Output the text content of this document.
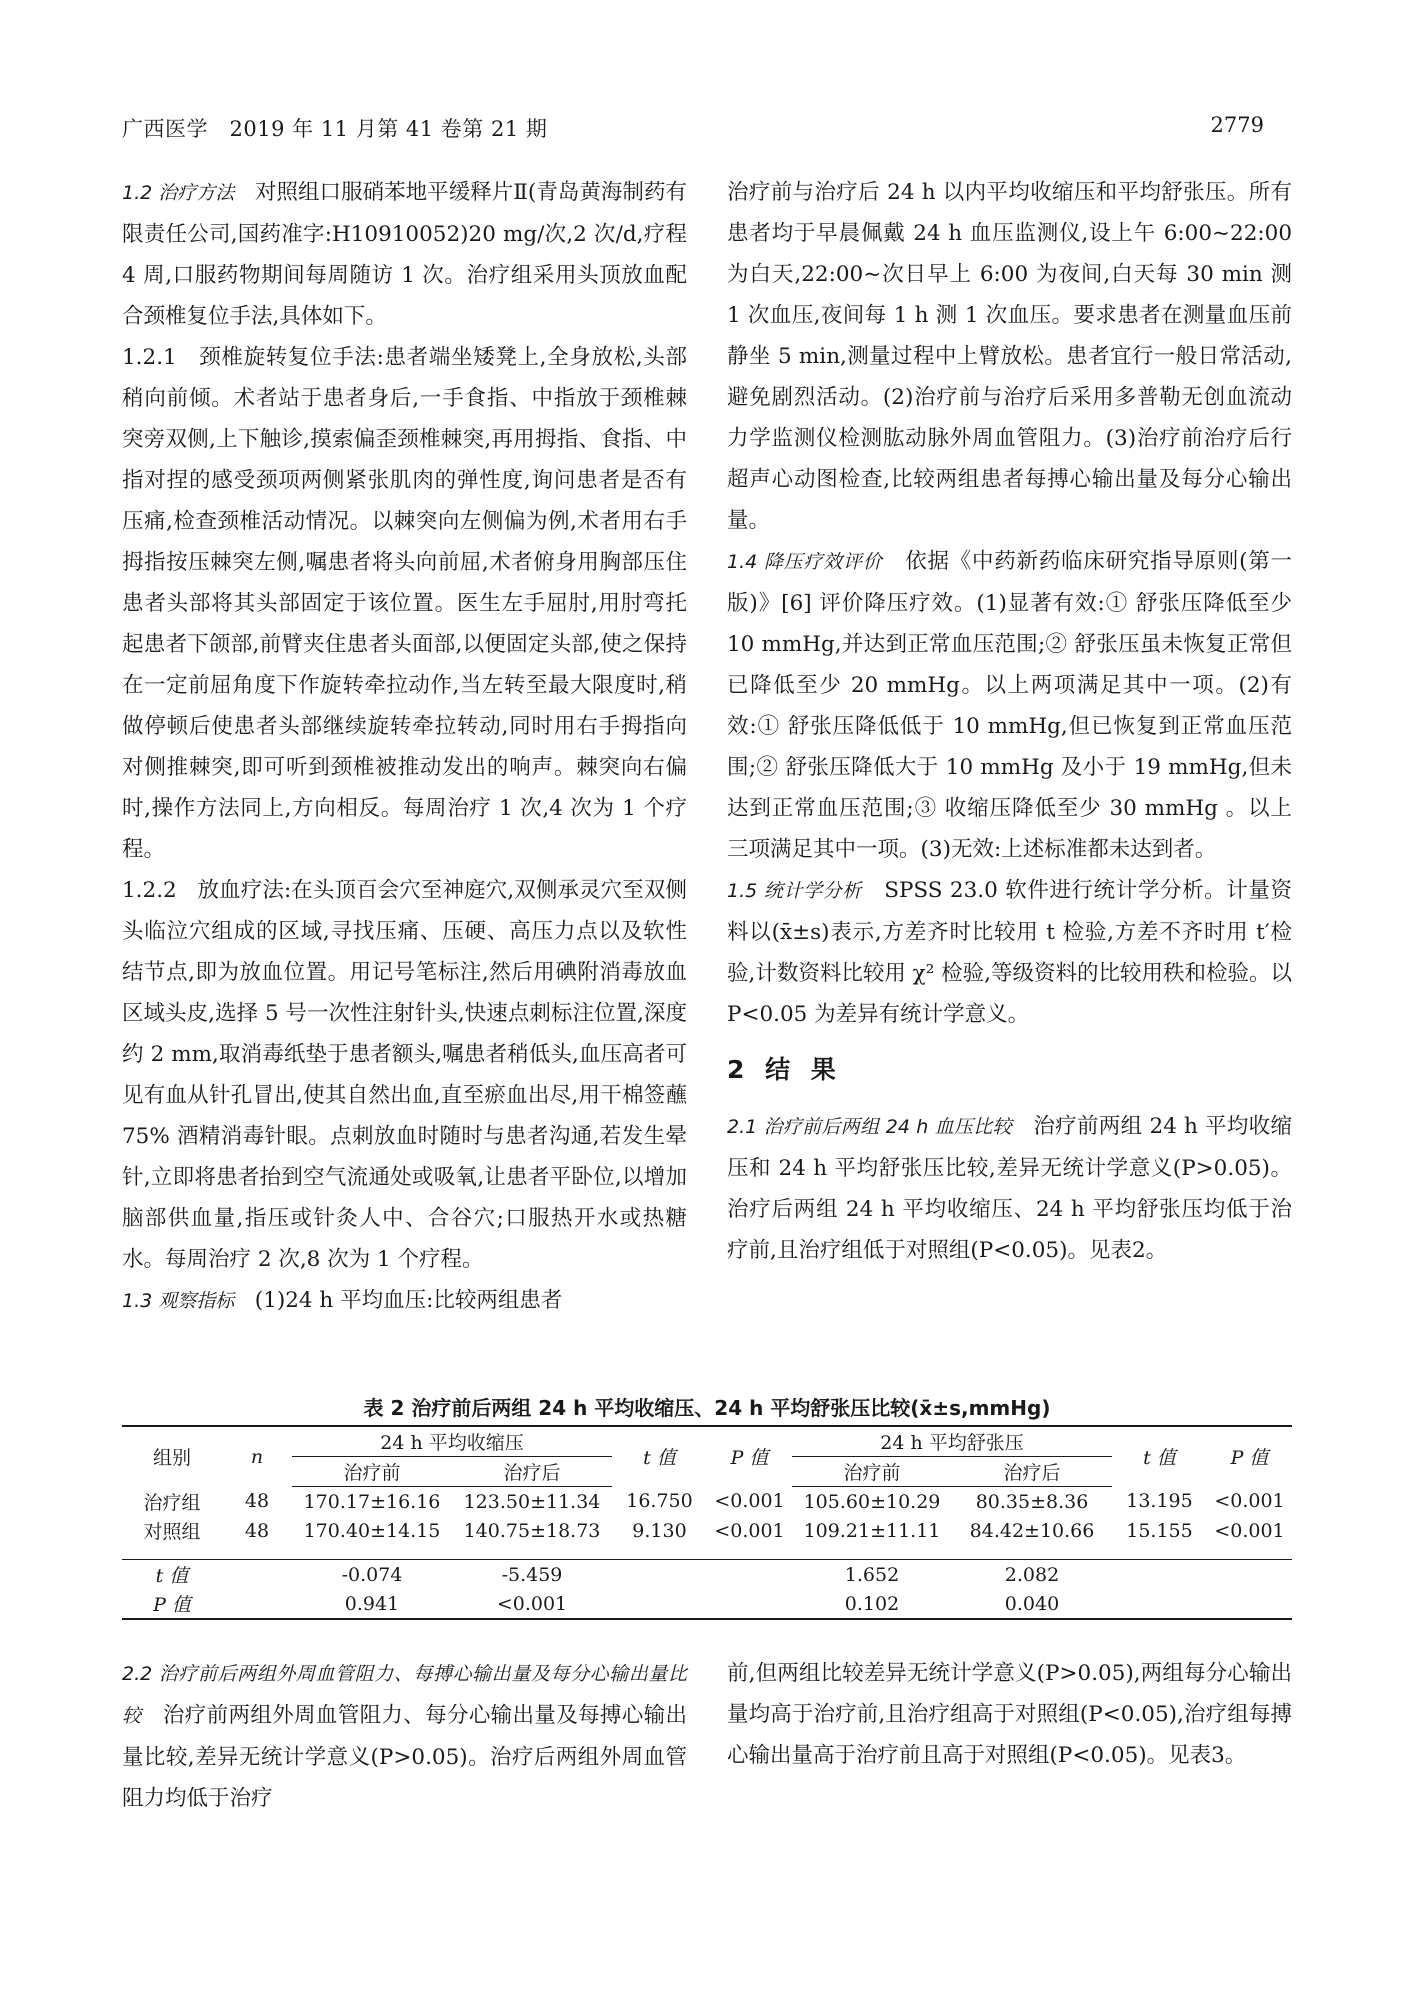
广西医学 2019 年 11 月第 41 卷第 21 期	2779

1.2 治疗方法 对照组口服硝苯地平缓释片Ⅱ(青岛黄海制药有限责任公司,国药准字:H10910052)20 mg/次,2 次/d,疗程 4 周,口服药物期间每周随访 1 次。治疗组采用头顶放血配合颈椎复位手法,具体如下。

1.2.1 颈椎旋转复位手法:患者端坐矮凳上,全身放松,头部稍向前倾。术者站于患者身后,一手食指、中指放于颈椎棘突旁双侧,上下触诊,摸索偏歪颈椎棘突,再用拇指、食指、中指对捏的感受颈项两侧紧张肌肉的弹性度,询问患者是否有压痛,检查颈椎活动情况。以棘突向左侧偏为例,术者用右手拇指按压棘突左侧,嘱患者将头向前屈,术者俯身用胸部压住患者头部将其头部固定于该位置。医生左手屈肘,用肘弯托起患者下颌部,前臂夹住患者头面部,以便固定头部,使之保持在一定前屈角度下作旋转牵拉动作,当左转至最大限度时,稍做停顿后使患者头部继续旋转牵拉转动,同时用右手拇指向对侧推棘突,即可听到颈椎被推动发出的响声。棘突向右偏时,操作方法同上,方向相反。每周治疗 1 次,4 次为 1 个疗程。

1.2.2 放血疗法:在头顶百会穴至神庭穴,双侧承灵穴至双侧头临泣穴组成的区域,寻找压痛、压硬、高压力点以及软性结节点,即为放血位置。用记号笔标注,然后用碘附消毒放血区域头皮,选择 5 号一次性注射针头,快速点刺标注位置,深度约 2 mm,取消毒纸垫于患者额头,嘱患者稍低头,血压高者可见有血从针孔冒出,使其自然出血,直至瘀血出尽,用干棉签蘸 75% 酒精消毒针眼。点刺放血时随时与患者沟通,若发生晕针,立即将患者抬到空气流通处或吸氧,让患者平卧位,以增加脑部供血量,指压或针灸人中、合谷穴;口服热开水或热糖水。每周治疗 2 次,8 次为 1 个疗程。

1.3 观察指标 (1)24 h 平均血压:比较两组患者

治疗前与治疗后 24 h 以内平均收缩压和平均舒张压。所有患者均于早晨佩戴 24 h 血压监测仪,设上午 6:00~22:00 为白天,22:00~次日早上 6:00 为夜间,白天每 30 min 测 1 次血压,夜间每 1 h 测 1 次血压。要求患者在测量血压前静坐 5 min,测量过程中上臂放松。患者宜行一般日常活动,避免剧烈活动。(2)治疗前与治疗后采用多普勒无创血流动力学监测仪检测肱动脉外周血管阻力。(3)治疗前治疗后行超声心动图检查,比较两组患者每搏心输出量及每分心输出量。

1.4 降压疗效评价 依据《中药新药临床研究指导原则(第一版)》[6] 评价降压疗效。(1)显著有效:① 舒张压降低至少 10 mmHg,并达到正常血压范围;② 舒张压虽未恢复正常但已降低至少 20 mmHg。以上两项满足其中一项。(2)有效:① 舒张压降低低于 10 mmHg,但已恢复到正常血压范围;② 舒张压降低大于 10 mmHg 及小于 19 mmHg,但未达到正常血压范围;③ 收缩压降低至少 30 mmHg 。以上三项满足其中一项。(3)无效:上述标准都未达到者。

1.5 统计学分析 SPSS 23.0 软件进行统计学分析。计量资料以(x̄±s)表示,方差齐时比较用 t 检验,方差不齐时用 t′检验,计数资料比较用 χ² 检验,等级资料的比较用秩和检验。以 P<0.05 为差异有统计学意义。

2 结 果

2.1 治疗前后两组 24 h 血压比较 治疗前两组 24 h 平均收缩压和 24 h 平均舒张压比较,差异无统计学意义(P>0.05)。治疗后两组 24 h 平均收缩压、24 h 平均舒张压均低于治疗前,且治疗组低于对照组(P<0.05)。见表2。

表 2 治疗前后两组 24 h 平均收缩压、24 h 平均舒张压比较(x̄±s,mmHg)
组别	n	24 h 平均收缩压		t 值	P 值	24 h 平均舒张压		t 值	P 值
		治疗前	治疗后			治疗前	治疗后		
治疗组	48	170.17±16.16	123.50±11.34	16.750	<0.001	105.60±10.29	80.35±8.36	13.195	<0.001
对照组	48	170.40±14.15	140.75±18.73	9.130	<0.001	109.21±11.11	84.42±10.66	15.155	<0.001

t 值		-0.074	-5.459			1.652	2.082		
P 值		0.941	<0.001			0.102	0.040		

2.2 治疗前后两组外周血管阻力、每搏心输出量及每分心输出量比较 治疗前两组外周血管阻力、每分心输出量及每搏心输出量比较,差异无统计学意义(P>0.05)。治疗后两组外周血管阻力均低于治疗

前,但两组比较差异无统计学意义(P>0.05),两组每分心输出量均高于治疗前,且治疗组高于对照组(P<0.05),治疗组每搏心输出量高于治疗前且高于对照组(P<0.05)。见表3。
